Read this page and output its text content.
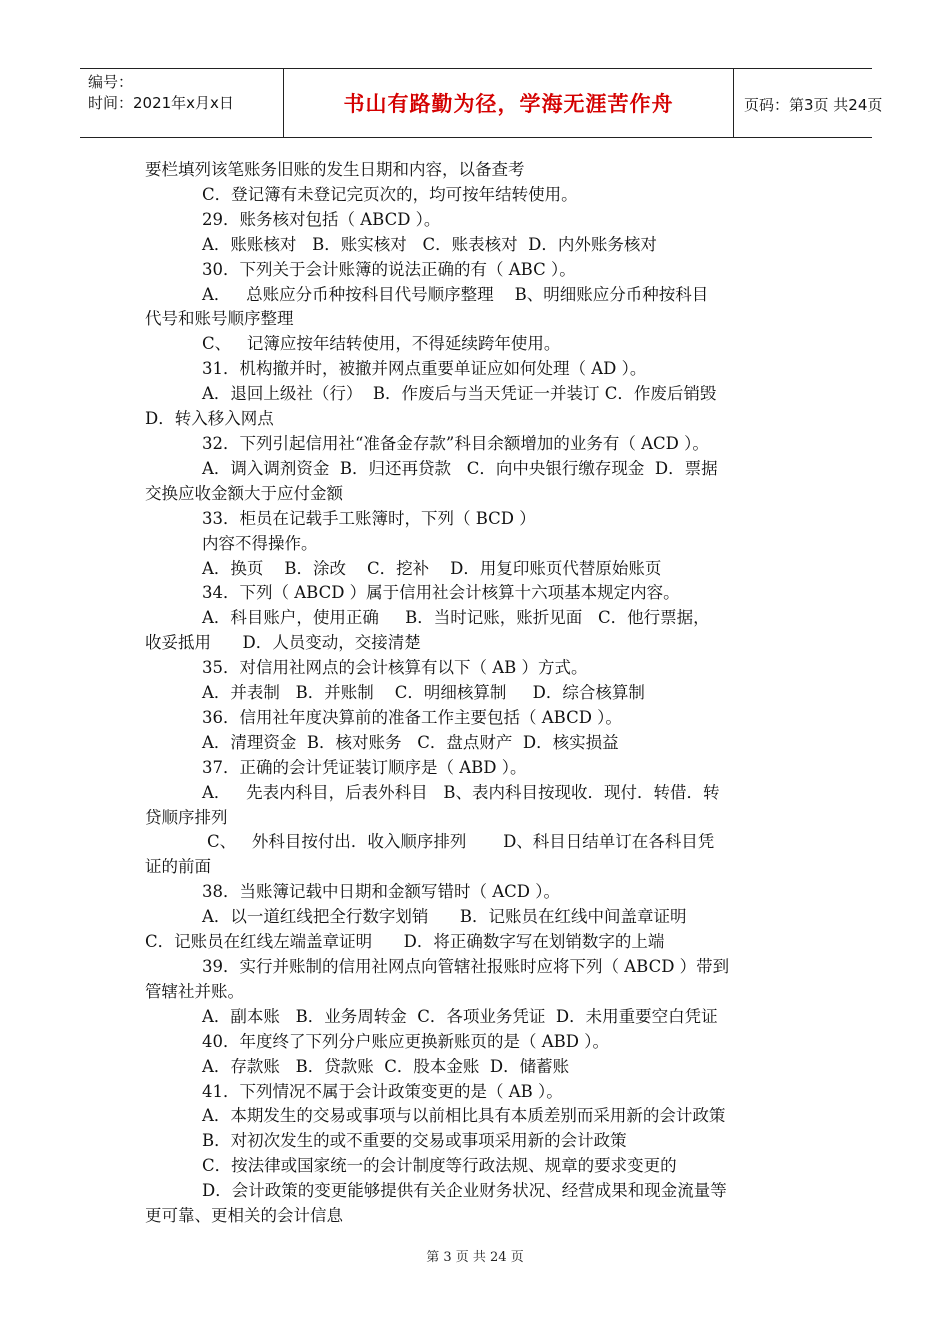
编号：
时间：2021年x月x日	书山有路勤为径，学海无涯苦作舟	页码：第3页 共24页
要栏填列该笔账务旧账的发生日期和内容，以备查考
C．登记簿有未登记完页次的，均可按年结转使用。
29．账务核对包括（ ABCD ）。
A．账账核对   B．账实核对   C．账表核对  D．内外账务核对
30．下列关于会计账簿的说法正确的有（ ABC ）。
A．   总账应分币种按科目代号顺序整理    B、明细账应分币种按科目
代号和账号顺序整理
C、   记簿应按年结转使用，不得延续跨年使用。
31．机构撤并时，被撤并网点重要单证应如何处理（ AD ）。
A．退回上级社（行）  B．作废后与当天凭证一并装订 C．作废后销毁
D．转入移入网点
32．下列引起信用社“准备金存款”科目余额增加的业务有（ ACD ）。
A．调入调剂资金  B．归还再贷款   C．向中央银行缴存现金  D．票据
交换应收金额大于应付金额
33．柜员在记载手工账簿时，下列（ BCD ）
内容不得操作。
A．换页    B．涂改    C．挖补    D．用复印账页代替原始账页
34．下列（ ABCD ）属于信用社会计核算十六项基本规定内容。
A．科目账户，使用正确     B．当时记账，账折见面   C．他行票据，
收妥抵用      D．人员变动，交接清楚
35．对信用社网点的会计核算有以下（ AB ）方式。
A．并表制   B．并账制    C．明细核算制     D．综合核算制
36．信用社年度决算前的准备工作主要包括（ ABCD ）。
A．清理资金  B．核对账务   C．盘点财产  D．核实损益
37．正确的会计凭证装订顺序是（ ABD ）。
A．   先表内科目，后表外科目   B、表内科目按现收．现付．转借．转
贷顺序排列
C、   外科目按付出．收入顺序排列       D、科目日结单订在各科目凭
证的前面
38．当账簿记载中日期和金额写错时（ ACD ）。
A．以一道红线把全行数字划销      B．记账员在红线中间盖章证明
C．记账员在红线左端盖章证明      D．将正确数字写在划销数字的上端
39．实行并账制的信用社网点向管辖社报账时应将下列（ ABCD ）带到
管辖社并账。
A．副本账   B．业务周转金  C．各项业务凭证  D．未用重要空白凭证
40．年度终了下列分户账应更换新账页的是（ ABD ）。
A．存款账   B．贷款账  C．股本金账  D．储蓄账
41．下列情况不属于会计政策变更的是（ AB ）。
A．本期发生的交易或事项与以前相比具有本质差别而采用新的会计政策
B．对初次发生的或不重要的交易或事项采用新的会计政策
C．按法律或国家统一的会计制度等行政法规、规章的要求变更的
D．会计政策的变更能够提供有关企业财务状况、经营成果和现金流量等
更可靠、更相关的会计信息
第 3 页 共 24 页
